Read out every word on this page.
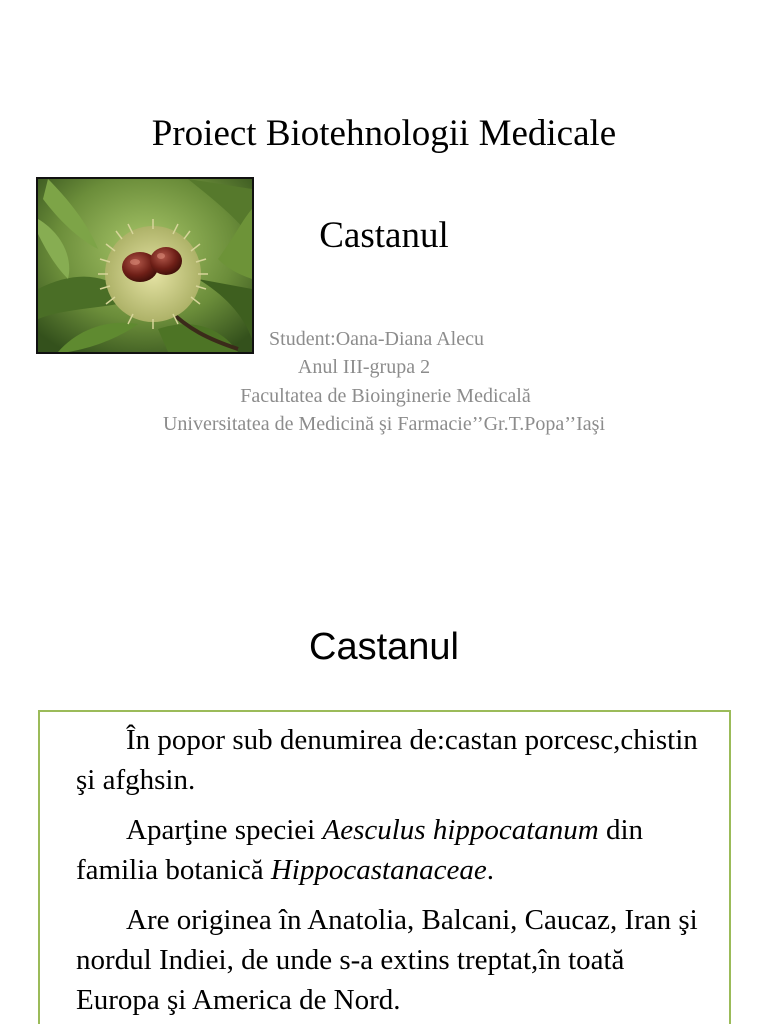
Proiect Biotehnologii Medicale
Castanul
Student:Oana-Diana Alecu
Anul III-grupa 2
Facultatea de Bioinginerie Medicală
Universitatea de Medicină şi Farmacie’’Gr.T.Popa’’Iaşi
Castanul

În popor sub denumirea de:castan porcesc,chistin şi afghsin.

Aparţine speciei Aesculus hippocatanum din familia botanică Hippocastanaceae.

Are originea în Anatolia, Balcani, Caucaz, Iran şi nordul Indiei, de unde s-a extins treptat,în toată Europa şi America de Nord.
